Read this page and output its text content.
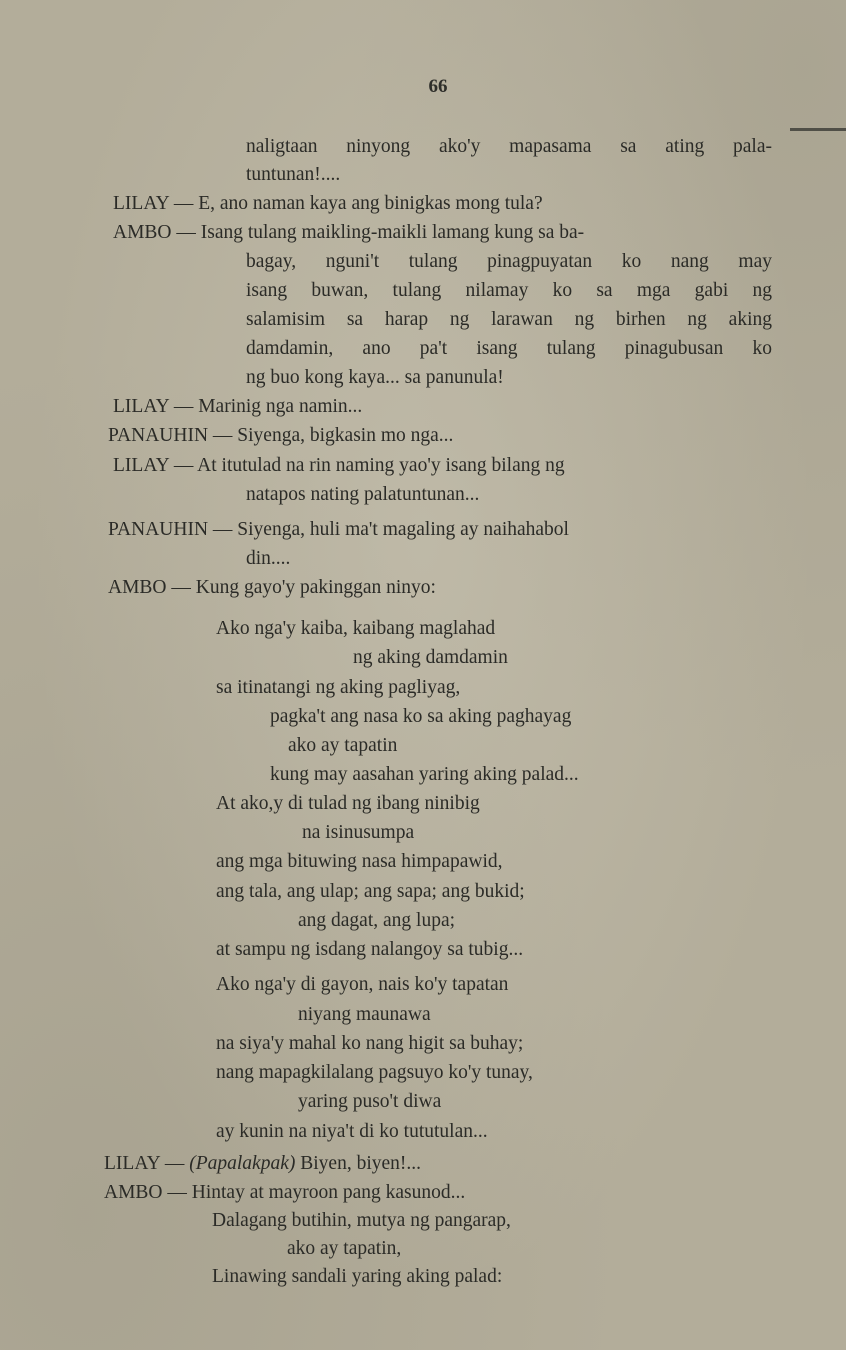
66
naligtaan ninyong ako'y mapasama sa ating pala-
tuntunan!....
LILAY — E, ano naman kaya ang binigkas mong tula?
AMBO — Isang tulang maikling-maikli lamang kung sa ba-
bagay, nguni't tulang pinagpuyatan ko nang may
isang buwan, tulang nilamay ko sa mga gabi ng
salamisim sa harap ng larawan ng birhen ng aking
damdamin, ano pa't isang tulang pinagubusan ko
ng buo kong kaya... sa panunula!
LILAY — Marinig nga namin...
PANAUHIN — Siyenga, bigkasin mo nga...
LILAY — At itutulad na rin naming yao'y isang bilang ng
natapos nating palatuntunan...
PANAUHIN — Siyenga, huli ma't magaling ay naihahabol
din....
AMBO — Kung gayo'y pakinggan ninyo:
Ako nga'y kaiba, kaibang maglahad
ng aking damdamin
sa itinatangi ng aking pagliyag,
pagka't ang nasa ko sa aking paghayag
ako ay tapatin
kung may aasahan yaring aking palad...
At ako,y di tulad ng ibang ninibig
na isinusumpa
ang mga bituwing nasa himpapawid,
ang tala, ang ulap; ang sapa; ang bukid;
ang dagat, ang lupa;
at sampu ng isdang nalangoy sa tubig...
Ako nga'y di gayon, nais ko'y tapatan
niyang maunawa
na siya'y mahal ko nang higit sa buhay;
nang mapagkilalang pagsuyo ko'y tunay,
yaring puso't diwa
ay kunin na niya't di ko tututulan...
LILAY — (Papalakpak) Biyen, biyen!...
AMBO — Hintay at mayroon pang kasunod...
Dalagang butihin, mutya ng pangarap,
ako ay tapatin,
Linawing sandali yaring aking palad:
